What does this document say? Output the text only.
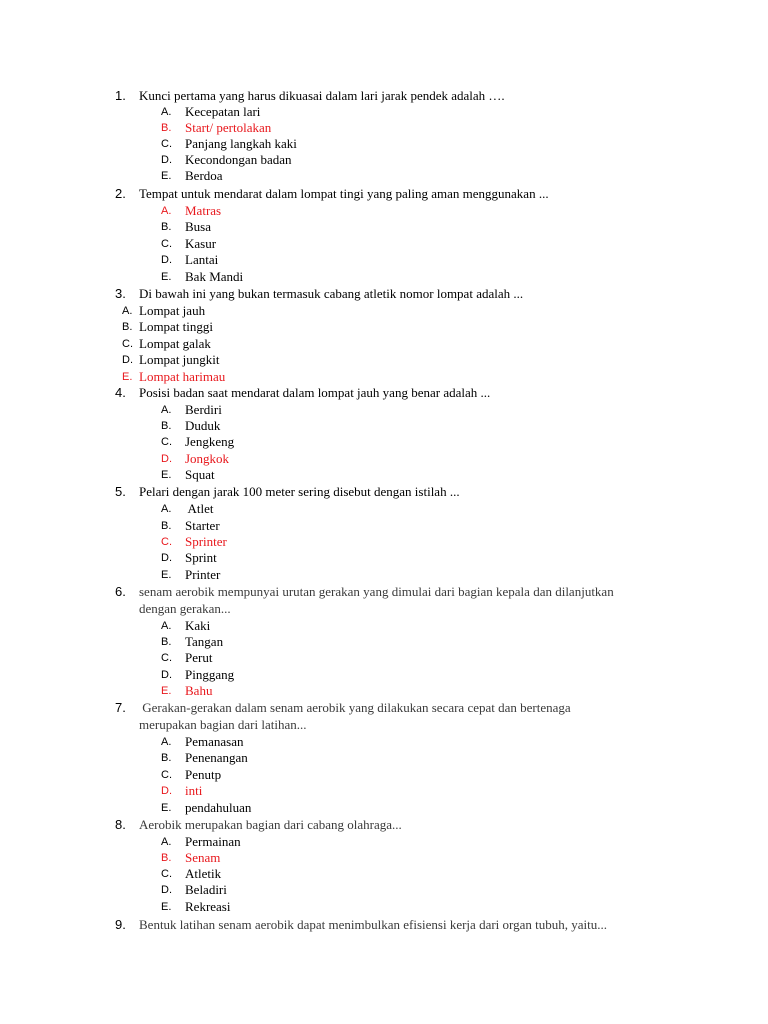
1. Kunci pertama yang harus dikuasai dalam lari jarak pendek adalah ….
A. Kecepatan lari
B. Start/ pertolakan
C. Panjang langkah kaki
D. Kecondongan badan
E. Berdoa
2. Tempat untuk mendarat dalam lompat tingi yang paling aman menggunakan ...
A. Matras
B. Busa
C. Kasur
D. Lantai
E. Bak Mandi
3. Di bawah ini yang bukan termasuk cabang atletik nomor lompat adalah ...
A. Lompat jauh
B. Lompat tinggi
C. Lompat galak
D. Lompat jungkit
E. Lompat harimau
4. Posisi badan saat mendarat dalam lompat jauh yang benar adalah ...
A. Berdiri
B. Duduk
C. Jengkeng
D. Jongkok
E. Squat
5. Pelari dengan jarak 100 meter sering disebut dengan istilah ...
A. Atlet
B. Starter
C. Sprinter
D. Sprint
E. Printer
6. senam aerobik mempunyai urutan gerakan yang dimulai dari bagian kepala dan dilanjutkan
dengan gerakan...
A. Kaki
B. Tangan
C. Perut
D. Pinggang
E. Bahu
7. Gerakan-gerakan dalam senam aerobik yang dilakukan secara cepat dan bertenaga
merupakan bagian dari latihan...
A. Pemanasan
B. Penenangan
C. Penutp
D. inti
E. pendahuluan
8. Aerobik merupakan bagian dari cabang olahraga...
A. Permainan
B. Senam
C. Atletik
D. Beladiri
E. Rekreasi
9. Bentuk latihan senam aerobik dapat menimbulkan efisiensi kerja dari organ tubuh, yaitu...
